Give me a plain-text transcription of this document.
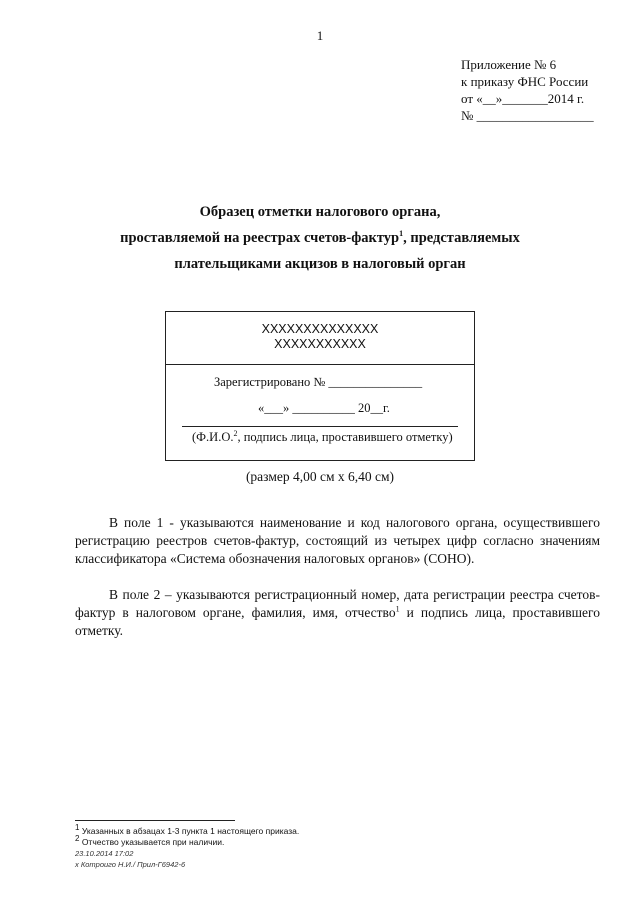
1
Приложение № 6
к приказу ФНС России
от «__»_______2014 г.
№ __________________
Образец отметки налогового органа,
проставляемой на реестрах счетов-фактур$^1$, представляемых
плательщиками акцизов в налоговый орган
XXXXXXXXXXXXXX
XXXXXXXXXXX
Зарегистрировано № _______________
«___» __________ 20__г.
(Ф.И.О.$^2$, подпись лица, проставившего отметку)
(размер 4,00 см х 6,40 см)
В поле 1 - указываются наименование и код налогового органа, осуществившего регистрацию реестров счетов-фактур, состоящий из четырех цифр согласно значениям классификатора «Система обозначения налоговых органов» (СОНО).
В поле 2 – указываются регистрационный номер, дата регистрации реестра счетов-фактур в налоговом органе, фамилия, имя, отчество$^1$ и подпись лица, проставившего отметку.
$^1$ Указанных в абзацах 1-3 пункта 1 настоящего приказа.
$^2$ Отчество указывается при наличии.
23.10.2014 17:02
x Коmpоиго Н.И./ Прил-Г6942-6
